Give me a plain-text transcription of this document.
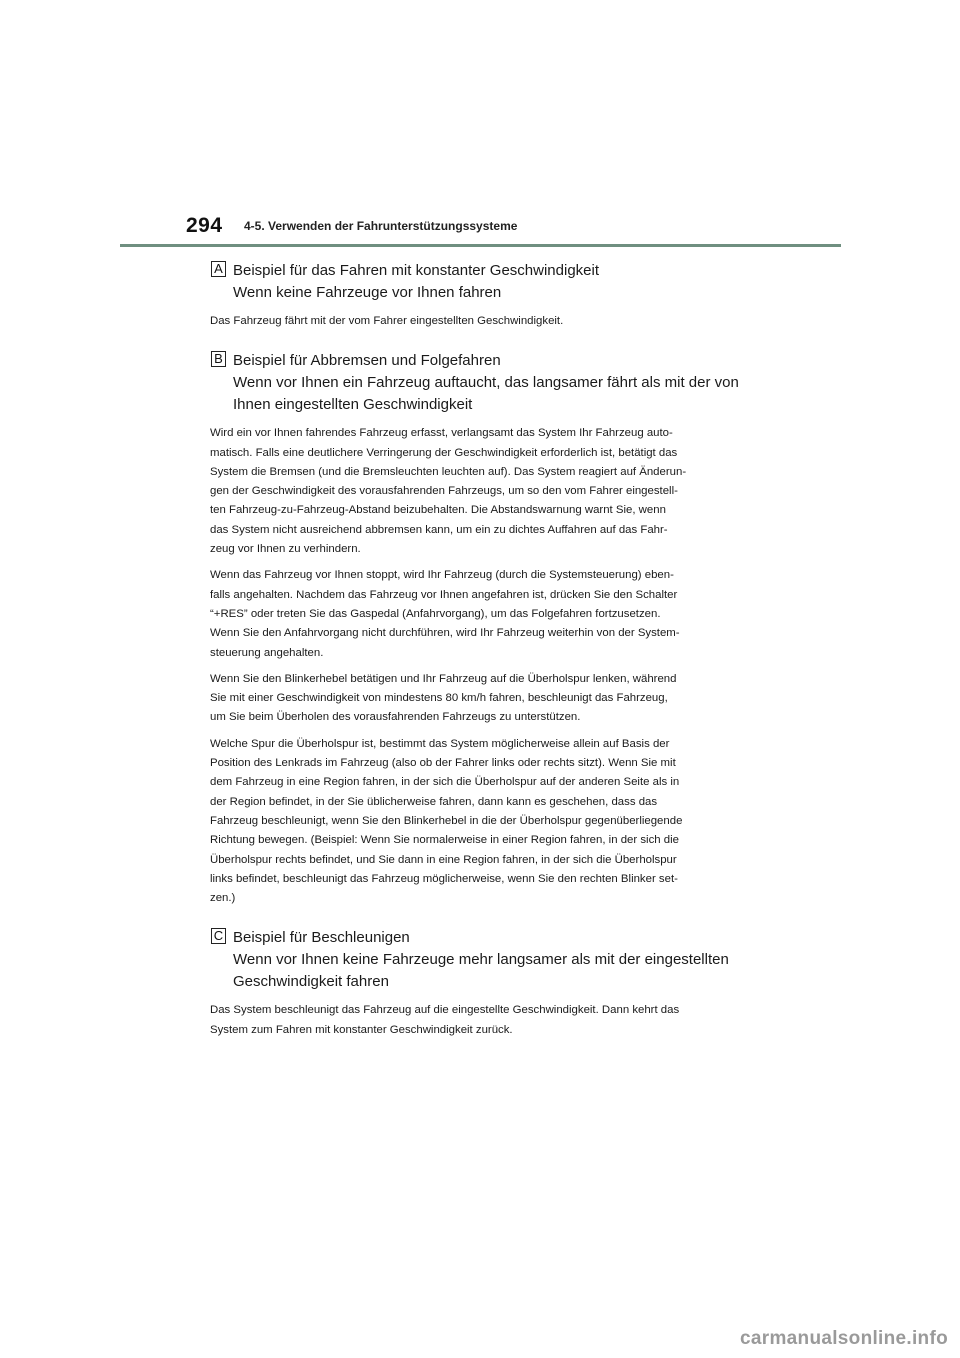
294 4-5. Verwenden der Fahrunterstützungssysteme
A Beispiel für das Fahren mit konstanter Geschwindigkeit
Wenn keine Fahrzeuge vor Ihnen fahren

Das Fahrzeug fährt mit der vom Fahrer eingestellten Geschwindigkeit.

B Beispiel für Abbremsen und Folgefahren
Wenn vor Ihnen ein Fahrzeug auftaucht, das langsamer fährt als mit der von
Ihnen eingestellten Geschwindigkeit

Wird ein vor Ihnen fahrendes Fahrzeug erfasst, verlangsamt das System Ihr Fahrzeug auto-
matisch. Falls eine deutlichere Verringerung der Geschwindigkeit erforderlich ist, betätigt das
System die Bremsen (und die Bremsleuchten leuchten auf). Das System reagiert auf Änderun-
gen der Geschwindigkeit des vorausfahrenden Fahrzeugs, um so den vom Fahrer eingestell-
ten Fahrzeug-zu-Fahrzeug-Abstand beizubehalten. Die Abstandswarnung warnt Sie, wenn
das System nicht ausreichend abbremsen kann, um ein zu dichtes Auffahren auf das Fahr-
zeug vor Ihnen zu verhindern.

Wenn das Fahrzeug vor Ihnen stoppt, wird Ihr Fahrzeug (durch die Systemsteuerung) eben-
falls angehalten. Nachdem das Fahrzeug vor Ihnen angefahren ist, drücken Sie den Schalter
“+RES” oder treten Sie das Gaspedal (Anfahrvorgang), um das Folgefahren fortzusetzen.
Wenn Sie den Anfahrvorgang nicht durchführen, wird Ihr Fahrzeug weiterhin von der System-
steuerung angehalten.

Wenn Sie den Blinkerhebel betätigen und Ihr Fahrzeug auf die Überholspur lenken, während
Sie mit einer Geschwindigkeit von mindestens 80 km/h fahren, beschleunigt das Fahrzeug,
um Sie beim Überholen des vorausfahrenden Fahrzeugs zu unterstützen.

Welche Spur die Überholspur ist, bestimmt das System möglicherweise allein auf Basis der
Position des Lenkrads im Fahrzeug (also ob der Fahrer links oder rechts sitzt). Wenn Sie mit
dem Fahrzeug in eine Region fahren, in der sich die Überholspur auf der anderen Seite als in
der Region befindet, in der Sie üblicherweise fahren, dann kann es geschehen, dass das
Fahrzeug beschleunigt, wenn Sie den Blinkerhebel in die der Überholspur gegenüberliegende
Richtung bewegen. (Beispiel: Wenn Sie normalerweise in einer Region fahren, in der sich die
Überholspur rechts befindet, und Sie dann in eine Region fahren, in der sich die Überholspur
links befindet, beschleunigt das Fahrzeug möglicherweise, wenn Sie den rechten Blinker set-
zen.)

C Beispiel für Beschleunigen
Wenn vor Ihnen keine Fahrzeuge mehr langsamer als mit der eingestellten
Geschwindigkeit fahren

Das System beschleunigt das Fahrzeug auf die eingestellte Geschwindigkeit. Dann kehrt das
System zum Fahren mit konstanter Geschwindigkeit zurück.

carmanualsonline.info
